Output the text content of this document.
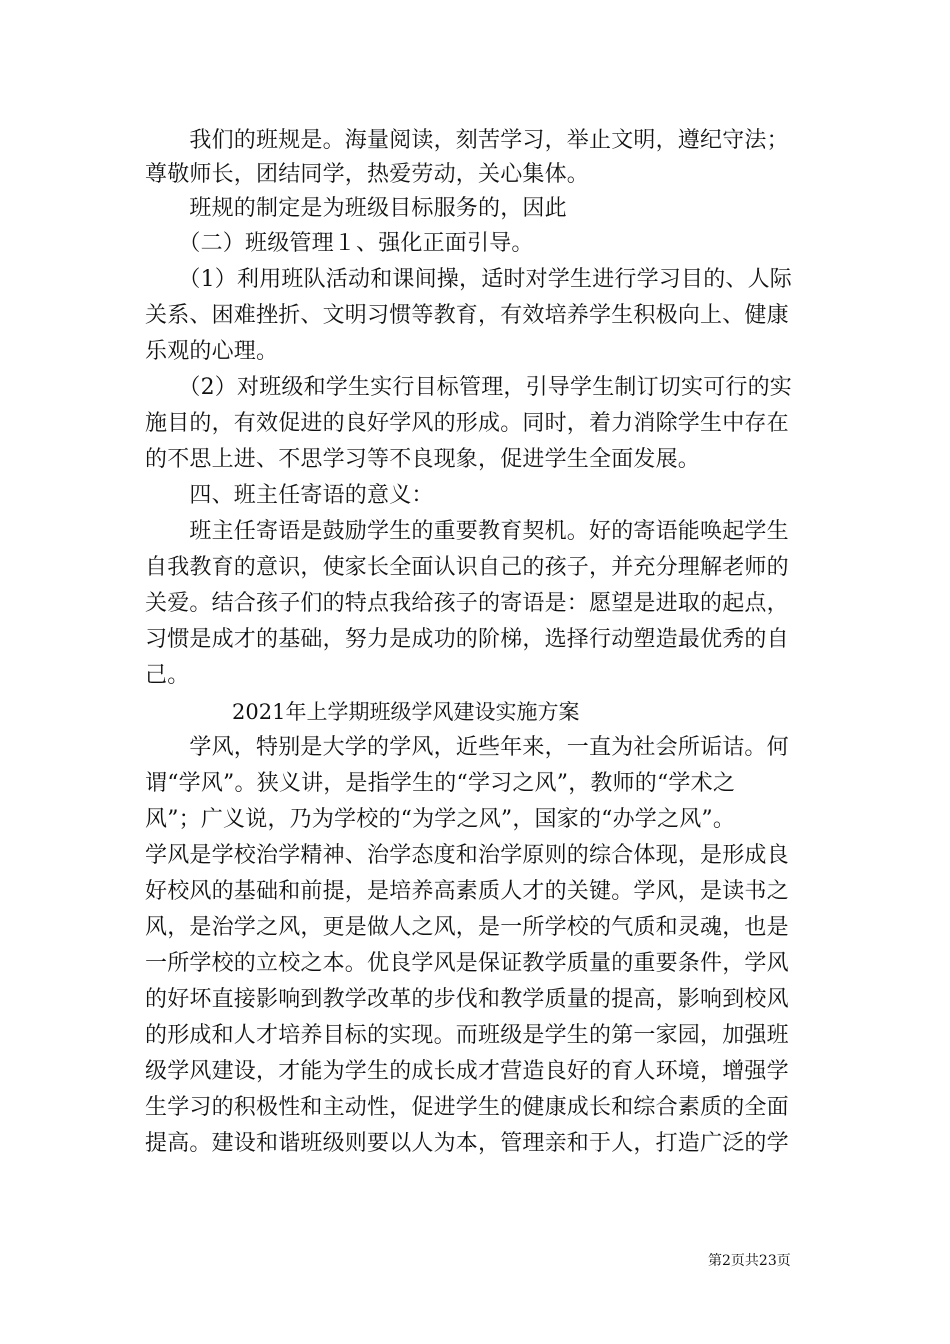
　　我们的班规是。海量阅读，刻苦学习，举止文明，遵纪守法；
尊敬师长，团结同学，热爱劳动，关心集体。
　　班规的制定是为班级目标服务的，因此
　　（二）班级管理１、强化正面引导。
　　（1）利用班队活动和课间操，适时对学生进行学习目的、人际
关系、困难挫折、文明习惯等教育，有效培养学生积极向上、健康
乐观的心理。
　　（2）对班级和学生实行目标管理，引导学生制订切实可行的实
施目的，有效促进的良好学风的形成。同时，着力消除学生中存在
的不思上进、不思学习等不良现象，促进学生全面发展。
　　四、班主任寄语的意义：
　　班主任寄语是鼓励学生的重要教育契机。好的寄语能唤起学生
自我教育的意识，使家长全面认识自己的孩子，并充分理解老师的
关爱。结合孩子们的特点我给孩子的寄语是：愿望是进取的起点，
习惯是成才的基础，努力是成功的阶梯，选择行动塑造最优秀的自
己。
2021年上学期班级学风建设实施方案
　　学风，特别是大学的学风，近些年来，一直为社会所诟诘。何
谓“学风”。狭义讲，是指学生的“学习之风”，教师的“学术之
风”；广义说，乃为学校的“为学之风”，国家的“办学之风”。
学风是学校治学精神、治学态度和治学原则的综合体现，是形成良
好校风的基础和前提，是培养高素质人才的关键。学风，是读书之
风，是治学之风，更是做人之风，是一所学校的气质和灵魂，也是
一所学校的立校之本。优良学风是保证教学质量的重要条件，学风
的好坏直接影响到教学改革的步伐和教学质量的提高，影响到校风
的形成和人才培养目标的实现。而班级是学生的第一家园，加强班
级学风建设，才能为学生的成长成才营造良好的育人环境，增强学
生学习的积极性和主动性，促进学生的健康成长和综合素质的全面
提高。建设和谐班级则要以人为本，管理亲和于人，打造广泛的学
第2页共23页
